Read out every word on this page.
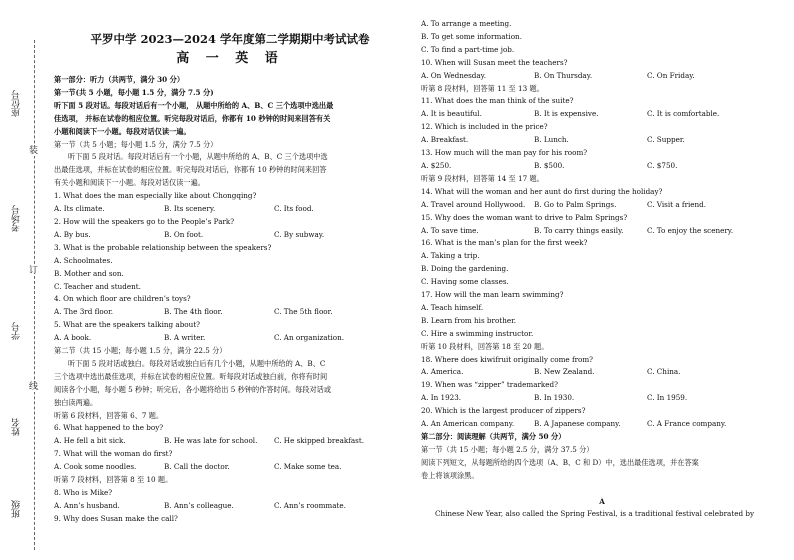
座位号
考场号
学号
姓名
班级
装
订
线
平罗中学 2023—2024 学年度第二学期期中考试试卷
高 一 英 语
第一部分：听力（共两节，满分 30 分）
第一节(共 5 小题，每小题 1.5 分，满分 7.5 分)
听下面 5 段对话。每段对话后有一个小题， 从题中所给的 A、B、C 三个选项中选出最
佳选项， 并标在试卷的相应位置。听完每段对话后，你都有 10 秒钟的时间来回答有关
小题和阅读下一小题。每段对话仅读一遍。
第一节（共 5 小题；每小题 1.5 分，满分 7.5 分）
听下面 5 段对话。每段对话后有一个小题，从题中所给的 A、B、C 三个选项中选
出最佳选项，并标在试卷的相应位置。听完每段对话后，你都有 10 秒钟的时间来回答
有关小题和阅读下一小题。每段对话仅读一遍。
1. What does the man especially like about Chongqing?
A. Its climate.	B. Its scenery.	C. Its food.
2. How will the speakers go to the People’s Park?
A. By bus.	B. On foot.	C. By subway.
3. What is the probable relationship between the speakers?
A. Schoolmates.
B. Mother and son.
C. Teacher and student.
4. On which floor are children’s toys?
A. The 3rd floor.	B. The 4th floor.	C. The 5th floor.
5. What are the speakers talking about?
A. A book.	B. A writer.	C. An organization.
第二节（共 15 小题；每小题 1.5 分，满分 22.5 分）
听下面 5 段对话或独白。每段对话或独白后有几个小题，从题中所给的 A、B、C
三个选项中选出最佳选项，并标在试卷的相应位置。听每段对话或独白前，你将有时间
阅读各个小题，每小题 5 秒钟；听完后，各小题将给出 5 秒钟的作答时间。每段对话或
独白读两遍。
听第 6 段材料，回答第 6、7 题。
6. What happened to the boy?
A. He fell a bit sick.	B. He was late for school.	C. He skipped breakfast.
7. What will the woman do first?
A. Cook some noodles.	B. Call the doctor.	C. Make some tea.
听第 7 段材料，回答第 8 至 10 题。
8. Who is Mike?
A. Ann’s husband.	B. Ann’s colleague.	C. Ann’s roommate.
9. Why does Susan make the call?
A. To arrange a meeting.
B. To get some information.
C. To find a part-time job.
10. When will Susan meet the teachers?
A. On Wednesday.	B. On Thursday.	C. On Friday.
听第 8 段材料，回答第 11 至 13 题。
11. What does the man think of the suite?
A. It is beautiful.	B. It is expensive.	C. It is comfortable.
12. Which is included in the price?
A. Breakfast.	B. Lunch.	C. Supper.
13. How much will the man pay for his room?
A. $250.	B. $500.	C. $750.
听第 9 段材料，回答第 14 至 17 题。
14. What will the woman and her aunt do first during the holiday?
A. Travel around Hollywood.	B. Go to Palm Springs.	C. Visit a friend.
15. Why does the woman want to drive to Palm Springs?
A. To save time.	B. To carry things easily.	C. To enjoy the scenery.
16. What is the man’s plan for the first week?
A. Taking a trip.
B. Doing the gardening.
C. Having some classes.
17. How will the man learn swimming?
A. Teach himself.
B. Learn from his brother.
C. Hire a swimming instructor.
听第 10 段材料，回答第 18 至 20 题。
18. Where does kiwifruit originally come from?
A. America.	B. New Zealand.	C. China.
19. When was “zipper” trademarked?
A. In 1923.	B. In 1930.	C. In 1959.
20. Which is the largest producer of zippers?
A. An American company.	B. A Japanese company.	C. A France company.
第二部分：阅读理解（共两节，满分 50 分）
第一节（共 15 小题；每小题 2.5 分，满分 37.5 分）
阅读下列短文，从每题所给的四个选项（A、B、C 和 D）中，选出最佳选项，并在答案
卷上将该项涂黑。

A
Chinese New Year, also called the Spring Festival, is a traditional festival celebrated by
